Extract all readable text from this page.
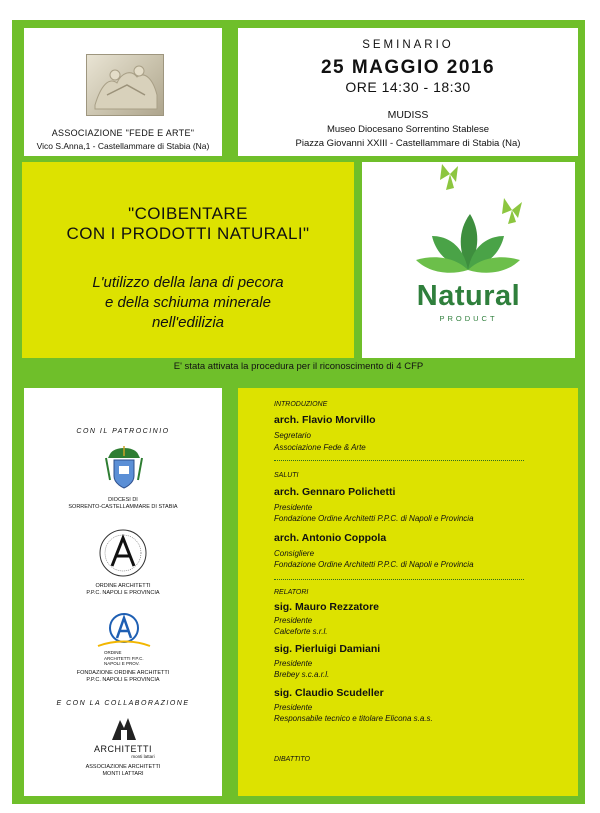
ASSOCIAZIONE "FEDE E ARTE"
Vico S.Anna,1 - Castellammare di Stabia (Na)
SEMINARIO
25 MAGGIO 2016
ORE 14:30 - 18:30
MUDISS
Museo Diocesano Sorrentino Stablese
Piazza Giovanni XXIII - Castellammare di Stabia (Na)
"COIBENTARE
CON I PRODOTTI NATURALI"
L'utilizzo della lana di pecora
e della schiuma minerale
nell'edilizia
Natural
PRODUCT
E' stata attivata la procedura per il riconoscimento di 4 CFP
CON IL PATROCINIO
DIOCESI DI
SORRENTO-CASTELLAMMARE DI STABIA
ORDINE ARCHITETTI
P.P.C. NAPOLI E PROVINCIA
ORDINE
ARCHITETTI P.P.C.
NAPOLI E PROV.
FONDAZIONE ORDINE ARCHITETTI
P.P.C. NAPOLI E PROVINCIA
E CON LA COLLABORAZIONE
ARCHITETTI
monti lattari
ASSOCIAZIONE ARCHITETTI
MONTI LATTARI
INTRODUZIONE
arch. Flavio Morvillo
Segretario
Associazione Fede & Arte
SALUTI
arch. Gennaro Polichetti
Presidente
Fondazione Ordine Architetti P.P.C. di Napoli e Provincia
arch. Antonio Coppola
Consigliere
Fondazione Ordine Architetti P.P.C. di Napoli e Provincia
RELATORI
sig. Mauro Rezzatore
Presidente
Calceforte s.r.l.
sig. Pierluigi Damiani
Presidente
Brebey s.c.a.r.l.
sig. Claudio Scudeller
Presidente
Responsabile tecnico e titolare Elicona s.a.s.
DIBATTITO
